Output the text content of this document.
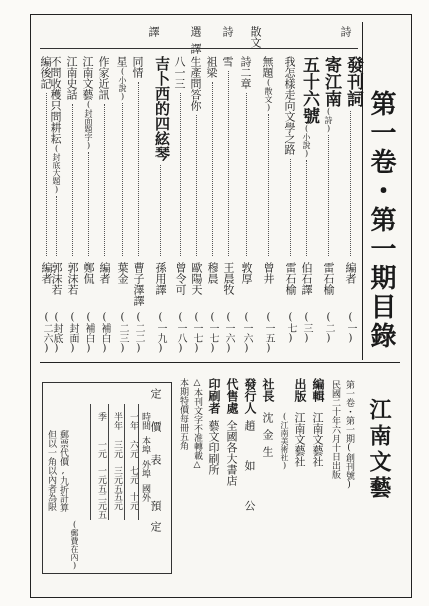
第一卷・第一期目錄
詩
散文
詩
選譯
譯
發刊詞
編者
(一)
寄江南
(詩)
雷石榆
(二)
五十六號
(小說)
伯石譯
(三)
我怎樣走向文學之路
雷石榆
(七)
無題
(散文)
曾井
(一五)
詩二章
敦厚
(一六)
雪
王晨牧
(一六)
祖梁
穆晨
(一七)
生產問答你
歐陽天
(一七)
八一三
曾令可
(一八)
吉卜西的四絃琴
孫用譯
(一九)
同情
曹子澤譯
(二二)
星
(小說)
葉金
(二三)
作家近訊
編者
(補白)
江南文藝
(封面題字)
鄭侃
(補白)
江南史話
郭沫若
(封面)
不問收穫只問耕耘
(封底大題)
郭沫若
(封底)
編後記
編者
(二六)
江南文藝
第一卷・第一期(創刊號)
民國二十年六月十日出版
編輯
江南文藝社
出版
江南文藝社
(江南美術社)
社長
沈金生
發行人
趙 如 公
代售處
全國各大書店
印刷者
藝文印刷所
△本刊文字不准轉載△
本期特價每冊五角
定價表
預定
一年
半年
季	時間
本埠
外埠
國外
六元
三元
一元
七元
三元五
一元五
十元
五元
二元五
郵票代價,九折計算
但以一角以內者為限
(郵費在內)
